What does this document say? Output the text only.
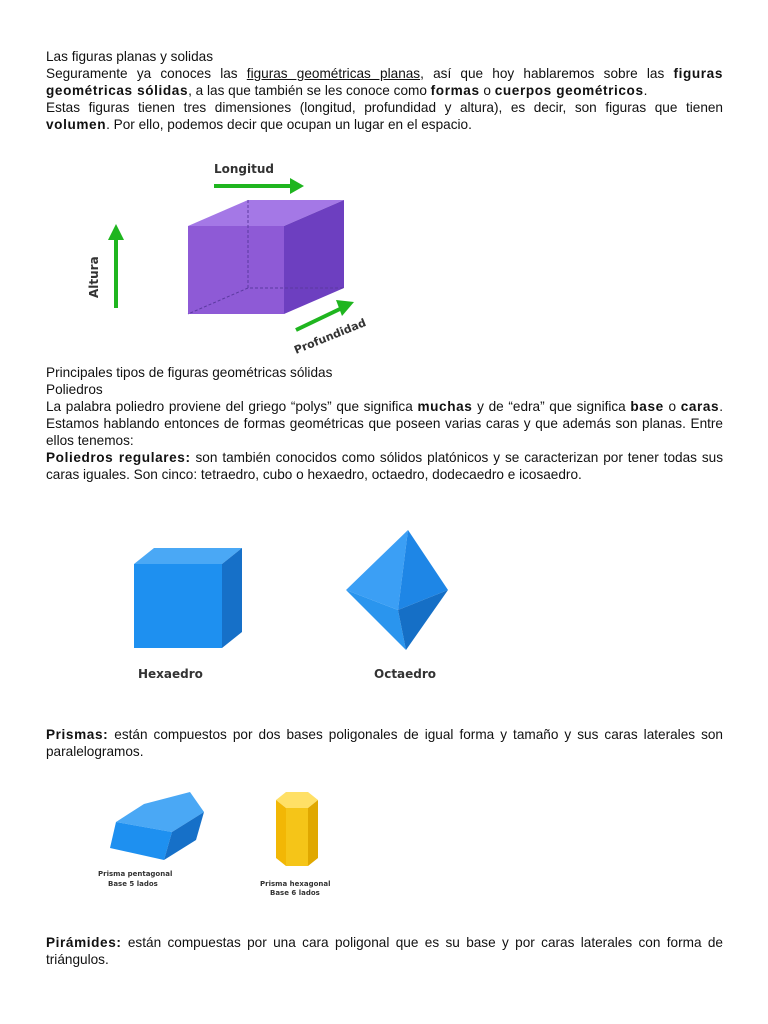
Las figuras planas y solidas
Seguramente ya conoces las figuras geométricas planas, así que hoy hablaremos sobre las figuras geométricas sólidas, a las que también se les conoce como formas o cuerpos geométricos.
Estas figuras tienen tres dimensiones (longitud, profundidad y altura), es decir, son figuras que tienen volumen. Por ello, podemos decir que ocupan un lugar en el espacio.
Longitud
Altura
Profundidad
Principales tipos de figuras geométricas sólidas
Poliedros
La palabra poliedro proviene del griego “polys” que significa muchas y de “edra” que significa base o caras. Estamos hablando entonces de formas geométricas que poseen varias caras y que además son planas. Entre ellos tenemos:
Poliedros regulares: son también conocidos como sólidos platónicos y se caracterizan por tener todas sus caras iguales. Son cinco: tetraedro, cubo o hexaedro, octaedro, dodecaedro e icosaedro.
Hexaedro	Octaedro
Prismas: están compuestos por dos bases poligonales de igual forma y tamaño y sus caras laterales son paralelogramos.
Prisma pentagonal
Base 5 lados	Prisma hexagonal
Base 6 lados
Pirámides: están compuestas por una cara poligonal que es su base y por caras laterales con forma de triángulos.
